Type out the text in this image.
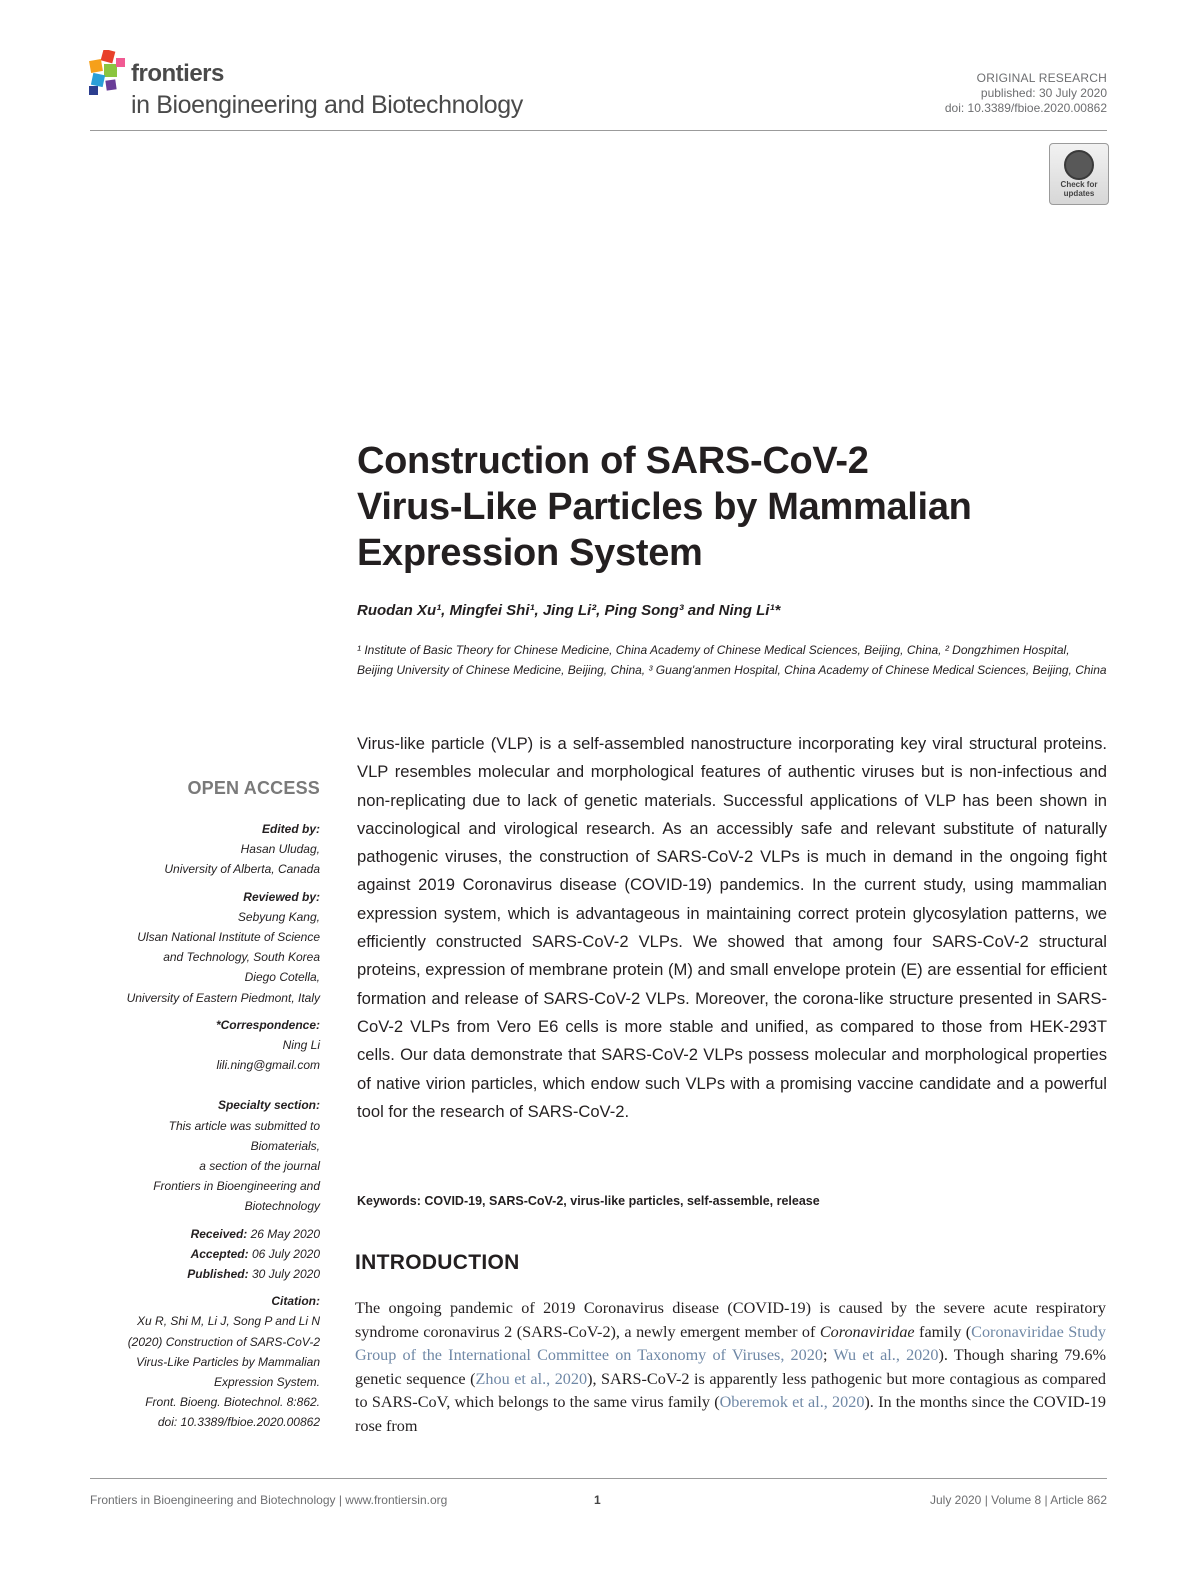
frontiers
in Bioengineering and Biotechnology
ORIGINAL RESEARCH
published: 30 July 2020
doi: 10.3389/fbioe.2020.00862
Check for updates
Construction of SARS-CoV-2
Virus-Like Particles by Mammalian
Expression System
Ruodan Xu¹, Mingfei Shi¹, Jing Li², Ping Song³ and Ning Li¹*
¹ Institute of Basic Theory for Chinese Medicine, China Academy of Chinese Medical Sciences, Beijing, China, ² Dongzhimen Hospital, Beijing University of Chinese Medicine, Beijing, China, ³ Guang'anmen Hospital, China Academy of Chinese Medical Sciences, Beijing, China
Virus-like particle (VLP) is a self-assembled nanostructure incorporating key viral structural proteins. VLP resembles molecular and morphological features of authentic viruses but is non-infectious and non-replicating due to lack of genetic materials. Successful applications of VLP has been shown in vaccinological and virological research. As an accessibly safe and relevant substitute of naturally pathogenic viruses, the construction of SARS-CoV-2 VLPs is much in demand in the ongoing fight against 2019 Coronavirus disease (COVID-19) pandemics. In the current study, using mammalian expression system, which is advantageous in maintaining correct protein glycosylation patterns, we efficiently constructed SARS-CoV-2 VLPs. We showed that among four SARS-CoV-2 structural proteins, expression of membrane protein (M) and small envelope protein (E) are essential for efficient formation and release of SARS-CoV-2 VLPs. Moreover, the corona-like structure presented in SARS-CoV-2 VLPs from Vero E6 cells is more stable and unified, as compared to those from HEK-293T cells. Our data demonstrate that SARS-CoV-2 VLPs possess molecular and morphological properties of native virion particles, which endow such VLPs with a promising vaccine candidate and a powerful tool for the research of SARS-CoV-2.
Keywords: COVID-19, SARS-CoV-2, virus-like particles, self-assemble, release
INTRODUCTION
The ongoing pandemic of 2019 Coronavirus disease (COVID-19) is caused by the severe acute respiratory syndrome coronavirus 2 (SARS-CoV-2), a newly emergent member of Coronaviridae family (Coronaviridae Study Group of the International Committee on Taxonomy of Viruses, 2020; Wu et al., 2020). Though sharing 79.6% genetic sequence (Zhou et al., 2020), SARS-CoV-2 is apparently less pathogenic but more contagious as compared to SARS-CoV, which belongs to the same virus family (Oberemok et al., 2020). In the months since the COVID-19 rose from
OPEN ACCESS
Edited by:
Hasan Uludag,
University of Alberta, Canada
Reviewed by:
Sebyung Kang,
Ulsan National Institute of Science
and Technology, South Korea
Diego Cotella,
University of Eastern Piedmont, Italy
*Correspondence:
Ning Li
lili.ning@gmail.com
Specialty section:
This article was submitted to
Biomaterials,
a section of the journal
Frontiers in Bioengineering and
Biotechnology
Received: 26 May 2020
Accepted: 06 July 2020
Published: 30 July 2020
Citation:
Xu R, Shi M, Li J, Song P and Li N
(2020) Construction of SARS-CoV-2
Virus-Like Particles by Mammalian
Expression System.
Front. Bioeng. Biotechnol. 8:862.
doi: 10.3389/fbioe.2020.00862
Frontiers in Bioengineering and Biotechnology | www.frontiersin.org	1	July 2020 | Volume 8 | Article 862
